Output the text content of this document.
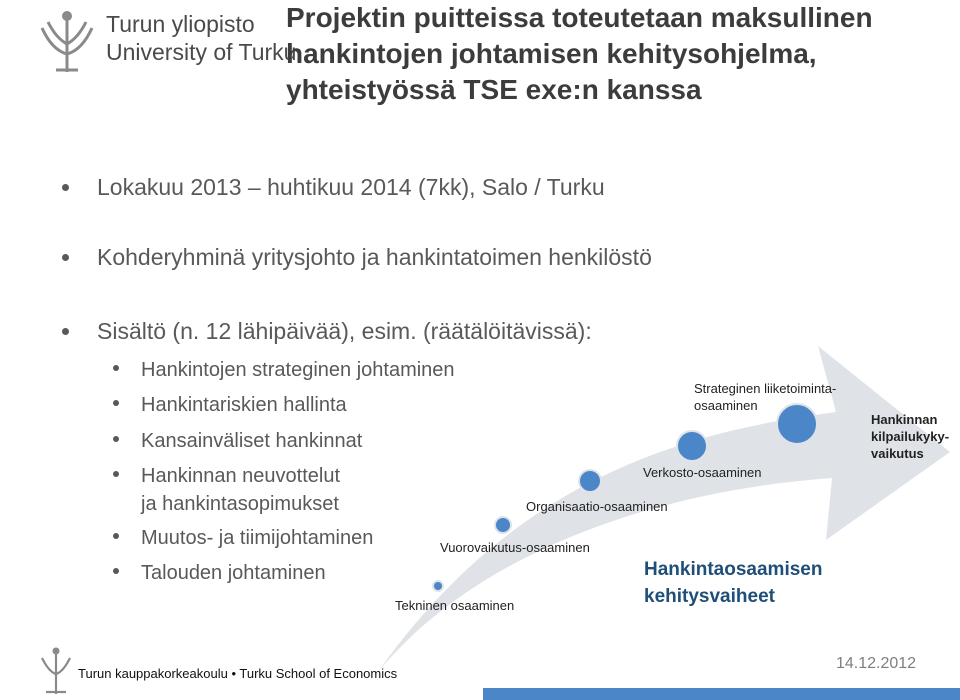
Turun yliopisto
University of Turku
Projektin puitteissa toteutetaan maksullinen
hankintojen johtamisen kehitysohjelma,
yhteistyössä TSE exe:n kanssa
Tekninen osaaminen
Vuorovaikutus-osaaminen
Organisaatio-osaaminen
Verkosto-osaaminen
Strateginen liiketoiminta-
osaaminen
Hankinnan
kilpailukyky-
vaikutus
Hankintaosaamisen
kehitysvaiheet
Lokakuu 2013 – huhtikuu 2014 (7kk), Salo / Turku
Kohderyhminä yritysjohto ja hankintatoimen henkilöstö
Sisältö (n. 12 lähipäivää), esim. (räätälöitävissä):
Hankintojen strateginen johtaminen
Hankintariskien hallinta
Kansainväliset hankinnat
Hankinnan neuvottelut
ja hankintasopimukset
Muutos- ja tiimijohtaminen
Talouden johtaminen
Turun kauppakorkeakoulu • Turku School of Economics
14.12.2012
